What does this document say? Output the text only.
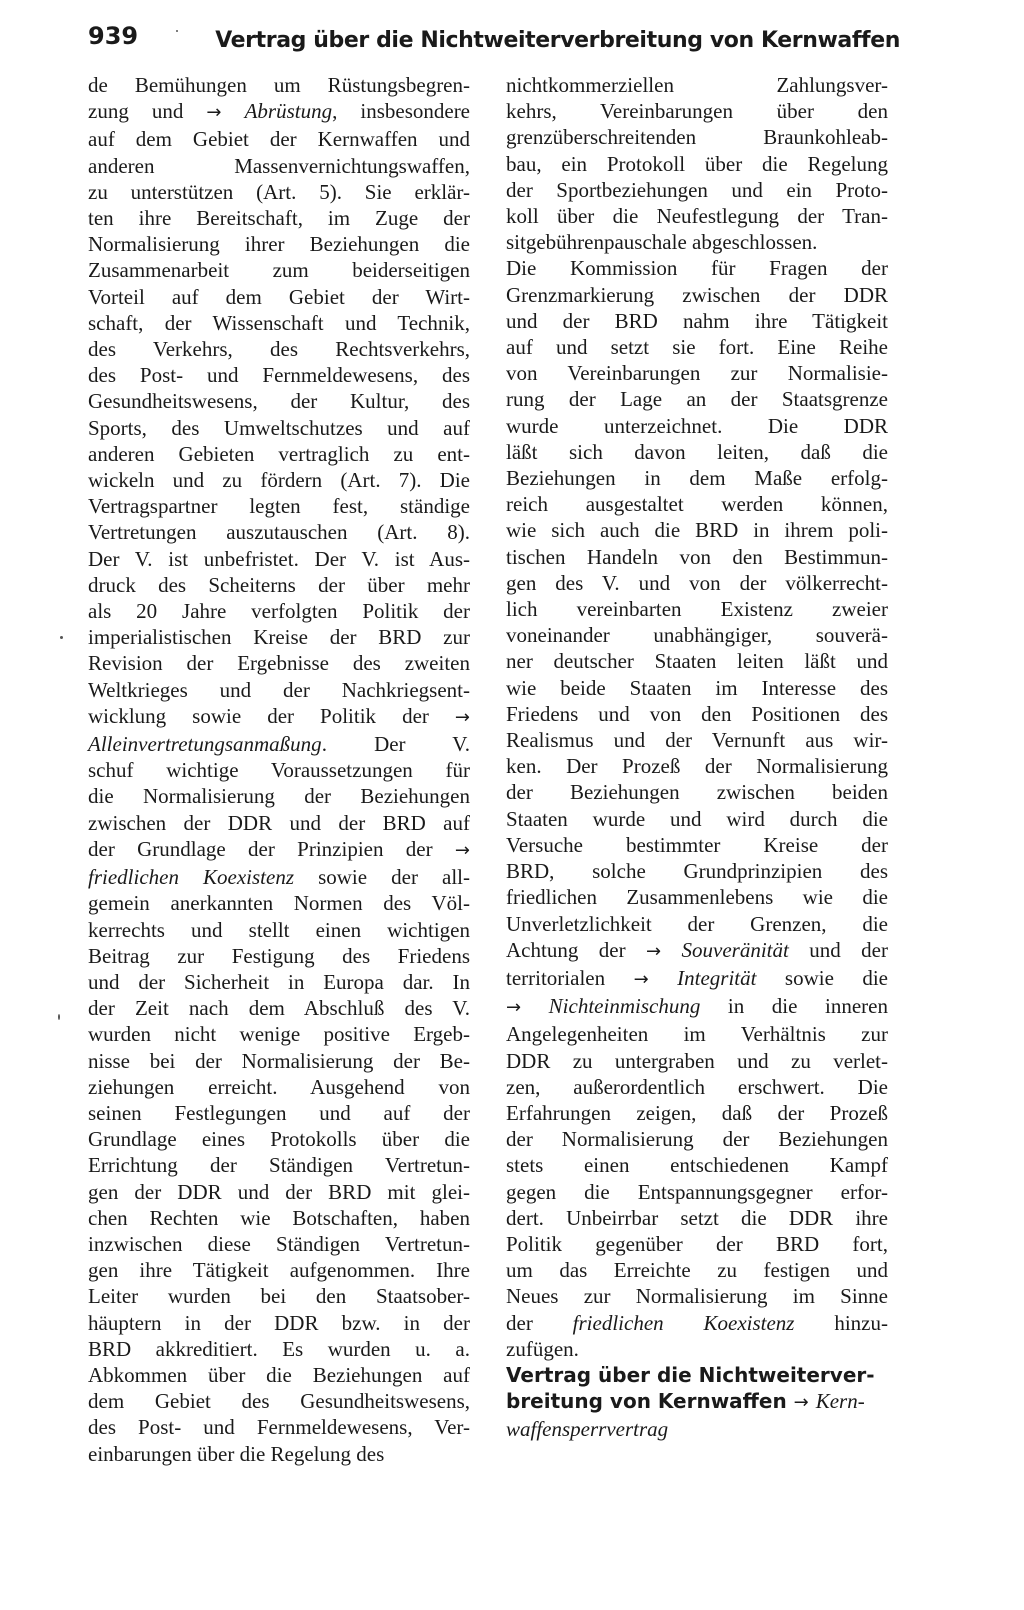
939	Vertrag über die Nichtweiterverbreitung von Kernwaffen

de Bemühungen um Rüstungsbegren-

zung und → Abrüstung, insbesondere

auf dem Gebiet der Kernwaffen und

anderen Massenvernichtungswaffen,

zu unterstützen (Art. 5). Sie erklär-

ten ihre Bereitschaft, im Zuge der

Normalisierung ihrer Beziehungen die

Zusammenarbeit zum beiderseitigen

Vorteil auf dem Gebiet der Wirt-

schaft, der Wissenschaft und Technik,

des Verkehrs, des Rechtsverkehrs,

des Post- und Fernmeldewesens, des

Gesundheitswesens, der Kultur, des

Sports, des Umweltschutzes und auf

anderen Gebieten vertraglich zu ent-

wickeln und zu fördern (Art. 7). Die

Vertragspartner legten fest, ständige

Vertretungen auszutauschen (Art. 8).

Der V. ist unbefristet. Der V. ist Aus-

druck des Scheiterns der über mehr

als 20 Jahre verfolgten Politik der

imperialistischen Kreise der BRD zur

Revision der Ergebnisse des zweiten

Weltkrieges und der Nachkriegsent-

wicklung sowie der Politik der →

Alleinvertretungsanmaßung. Der V.

schuf wichtige Voraussetzungen für

die Normalisierung der Beziehungen

zwischen der DDR und der BRD auf

der Grundlage der Prinzipien der →

friedlichen Koexistenz sowie der all-

gemein anerkannten Normen des Völ-

kerrechts und stellt einen wichtigen

Beitrag zur Festigung des Friedens

und der Sicherheit in Europa dar. In

der Zeit nach dem Abschluß des V.

wurden nicht wenige positive Ergeb-

nisse bei der Normalisierung der Be-

ziehungen erreicht. Ausgehend von

seinen Festlegungen und auf der

Grundlage eines Protokolls über die

Errichtung der Ständigen Vertretun-

gen der DDR und der BRD mit glei-

chen Rechten wie Botschaften, haben

inzwischen diese Ständigen Vertretun-

gen ihre Tätigkeit aufgenommen. Ihre

Leiter wurden bei den Staatsober-

häuptern in der DDR bzw. in der

BRD akkreditiert. Es wurden u. a.

Abkommen über die Beziehungen auf

dem Gebiet des Gesundheitswesens,

des Post- und Fernmeldewesens, Ver-

einbarungen über die Regelung des

nichtkommerziellen Zahlungsver-

kehrs, Vereinbarungen über den

grenzüberschreitenden Braunkohleab-

bau, ein Protokoll über die Regelung

der Sportbeziehungen und ein Proto-

koll über die Neufestlegung der Tran-

sitgebührenpauschale abgeschlossen.

Die Kommission für Fragen der

Grenzmarkierung zwischen der DDR

und der BRD nahm ihre Tätigkeit

auf und setzt sie fort. Eine Reihe

von Vereinbarungen zur Normalisie-

rung der Lage an der Staatsgrenze

wurde unterzeichnet. Die DDR

läßt sich davon leiten, daß die

Beziehungen in dem Maße erfolg-

reich ausgestaltet werden können,

wie sich auch die BRD in ihrem poli-

tischen Handeln von den Bestimmun-

gen des V. und von der völkerrecht-

lich vereinbarten Existenz zweier

voneinander unabhängiger, souverä-

ner deutscher Staaten leiten läßt und

wie beide Staaten im Interesse des

Friedens und von den Positionen des

Realismus und der Vernunft aus wir-

ken. Der Prozeß der Normalisierung

der Beziehungen zwischen beiden

Staaten wurde und wird durch die

Versuche bestimmter Kreise der

BRD, solche Grundprinzipien des

friedlichen Zusammenlebens wie die

Unverletzlichkeit der Grenzen, die

Achtung der → Souveränität und der

territorialen → Integrität sowie die

→ Nichteinmischung in die inneren

Angelegenheiten im Verhältnis zur

DDR zu untergraben und zu verlet-

zen, außerordentlich erschwert. Die

Erfahrungen zeigen, daß der Prozeß

der Normalisierung der Beziehungen

stets einen entschiedenen Kampf

gegen die Entspannungsgegner erfor-

dert. Unbeirrbar setzt die DDR ihre

Politik gegenüber der BRD fort,

um das Erreichte zu festigen und

Neues zur Normalisierung im Sinne

der friedlichen Koexistenz hinzu-

zufügen.

Vertrag über die Nichtweiterver-
breitung von Kernwaffen → Kern-
waffensperrvertrag
